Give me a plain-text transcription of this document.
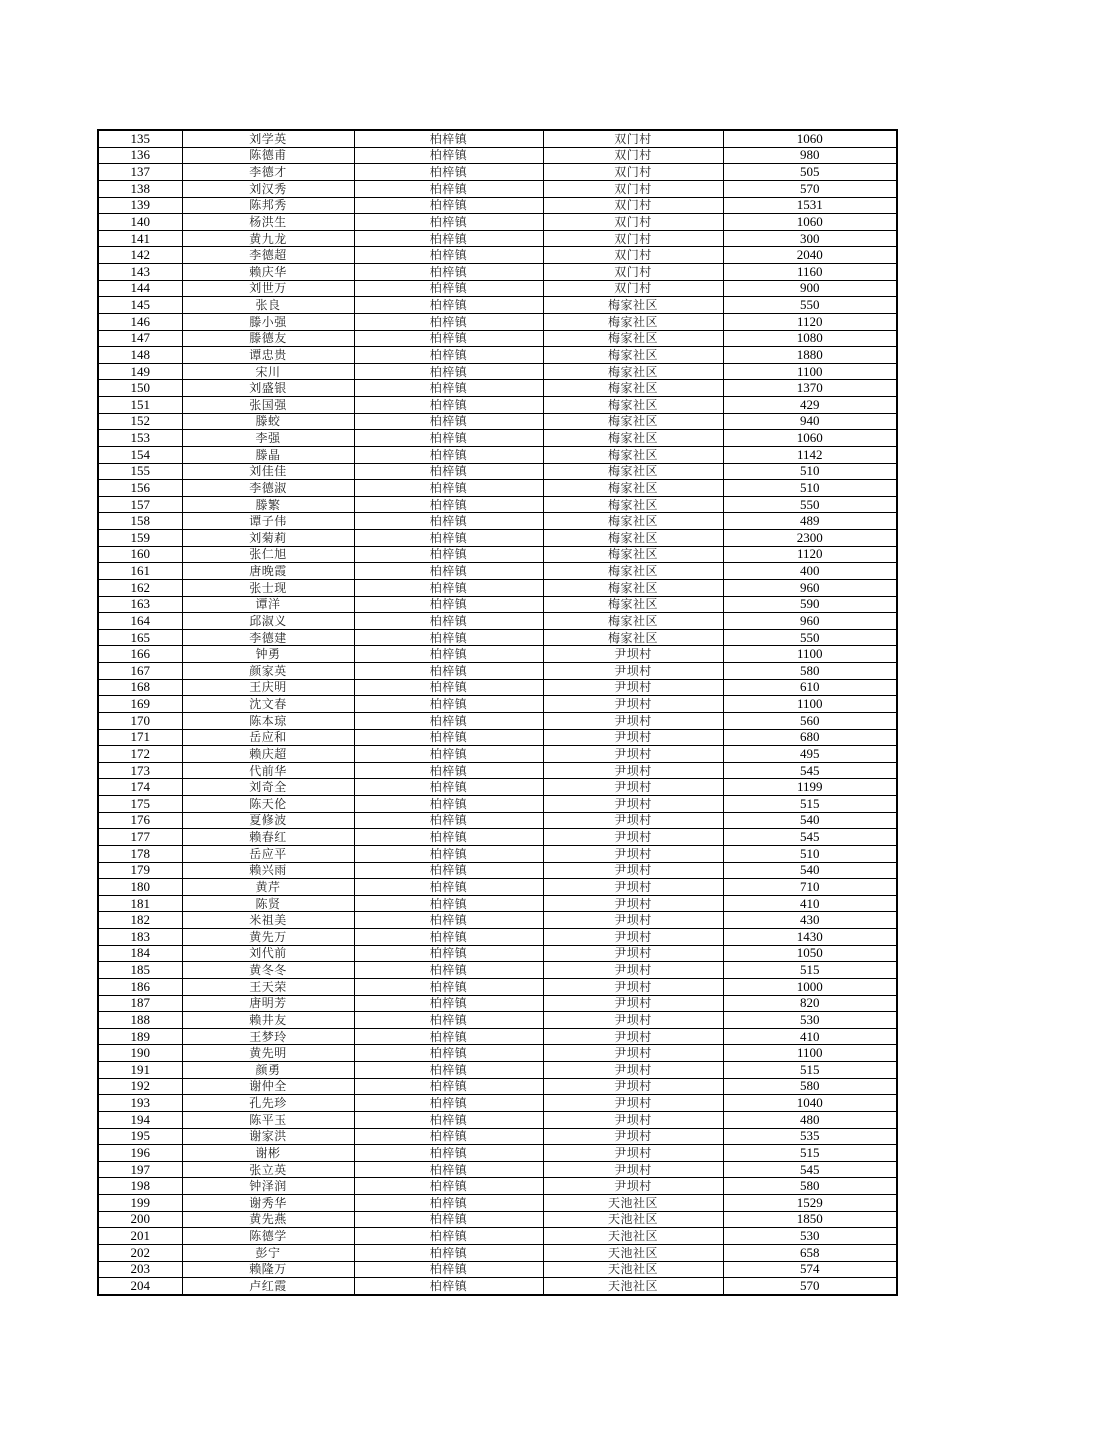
135	刘学英	柏梓镇	双门村	1060
136	陈德甫	柏梓镇	双门村	980
137	李德才	柏梓镇	双门村	505
138	刘汉秀	柏梓镇	双门村	570
139	陈邦秀	柏梓镇	双门村	1531
140	杨洪生	柏梓镇	双门村	1060
141	黄九龙	柏梓镇	双门村	300
142	李德超	柏梓镇	双门村	2040
143	赖庆华	柏梓镇	双门村	1160
144	刘世万	柏梓镇	双门村	900
145	张良	柏梓镇	梅家社区	550
146	滕小强	柏梓镇	梅家社区	1120
147	滕德友	柏梓镇	梅家社区	1080
148	谭忠贵	柏梓镇	梅家社区	1880
149	宋川	柏梓镇	梅家社区	1100
150	刘盛银	柏梓镇	梅家社区	1370
151	张国强	柏梓镇	梅家社区	429
152	滕蛟	柏梓镇	梅家社区	940
153	李强	柏梓镇	梅家社区	1060
154	滕晶	柏梓镇	梅家社区	1142
155	刘佳佳	柏梓镇	梅家社区	510
156	李德淑	柏梓镇	梅家社区	510
157	滕繁	柏梓镇	梅家社区	550
158	谭子伟	柏梓镇	梅家社区	489
159	刘菊莉	柏梓镇	梅家社区	2300
160	张仁旭	柏梓镇	梅家社区	1120
161	唐晚霞	柏梓镇	梅家社区	400
162	张士现	柏梓镇	梅家社区	960
163	谭洋	柏梓镇	梅家社区	590
164	邱淑义	柏梓镇	梅家社区	960
165	李德建	柏梓镇	梅家社区	550
166	钟勇	柏梓镇	尹坝村	1100
167	颜家英	柏梓镇	尹坝村	580
168	王庆明	柏梓镇	尹坝村	610
169	沈文春	柏梓镇	尹坝村	1100
170	陈本琼	柏梓镇	尹坝村	560
171	岳应和	柏梓镇	尹坝村	680
172	赖庆超	柏梓镇	尹坝村	495
173	代前华	柏梓镇	尹坝村	545
174	刘奇全	柏梓镇	尹坝村	1199
175	陈天伦	柏梓镇	尹坝村	515
176	夏修波	柏梓镇	尹坝村	540
177	赖春红	柏梓镇	尹坝村	545
178	岳应平	柏梓镇	尹坝村	510
179	赖兴雨	柏梓镇	尹坝村	540
180	黄芹	柏梓镇	尹坝村	710
181	陈贤	柏梓镇	尹坝村	410
182	米祖美	柏梓镇	尹坝村	430
183	黄先万	柏梓镇	尹坝村	1430
184	刘代前	柏梓镇	尹坝村	1050
185	黄冬冬	柏梓镇	尹坝村	515
186	王天荣	柏梓镇	尹坝村	1000
187	唐明芳	柏梓镇	尹坝村	820
188	赖井友	柏梓镇	尹坝村	530
189	王梦玲	柏梓镇	尹坝村	410
190	黄先明	柏梓镇	尹坝村	1100
191	颜勇	柏梓镇	尹坝村	515
192	谢仲全	柏梓镇	尹坝村	580
193	孔先珍	柏梓镇	尹坝村	1040
194	陈平玉	柏梓镇	尹坝村	480
195	谢家洪	柏梓镇	尹坝村	535
196	谢彬	柏梓镇	尹坝村	515
197	张立英	柏梓镇	尹坝村	545
198	钟泽润	柏梓镇	尹坝村	580
199	谢秀华	柏梓镇	天池社区	1529
200	黄先燕	柏梓镇	天池社区	1850
201	陈德学	柏梓镇	天池社区	530
202	彭宁	柏梓镇	天池社区	658
203	赖隆万	柏梓镇	天池社区	574
204	卢红霞	柏梓镇	天池社区	570
